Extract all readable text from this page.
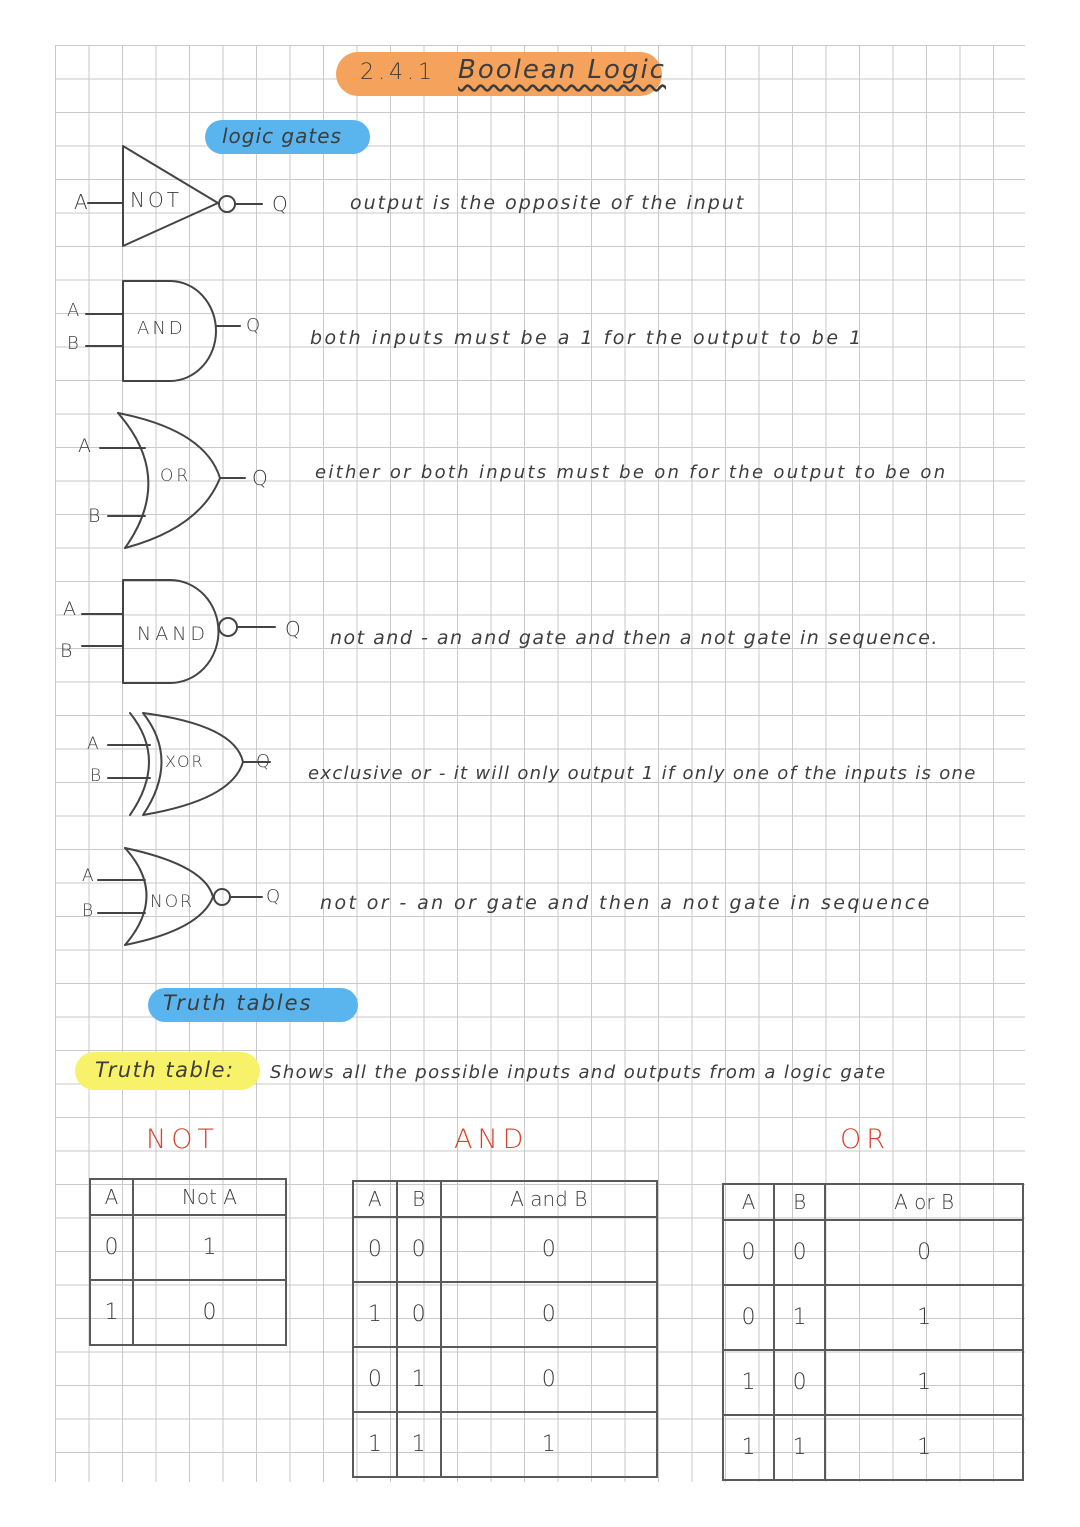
2.4.1 Boolean Logic
logic gates
A NOT	Q
A
B
AND	Q
A
B
OR	Q
A
B
NAND	Q
A
B
XOR	Q
A
B	NOR	Q
output is the opposite of the input
both inputs must be a 1 for the output to be 1
either or both inputs must be on for the output to be on
not and - an and gate and then a not gate in sequence.
exclusive or - it will only output 1 if only one of the inputs is one
not or - an or gate and then a not gate in sequence
Truth tables
Truth table: Shows all the possible inputs and outputs from a logic gate
NOT	AND	OR
A	Not A
0	1
1	0
A	B	A and B
0	0	0
1	0	0
0	1	0
1	1	1
A	B	A or B
0	0	0
0	1	1
1	0	1
1	1	1
